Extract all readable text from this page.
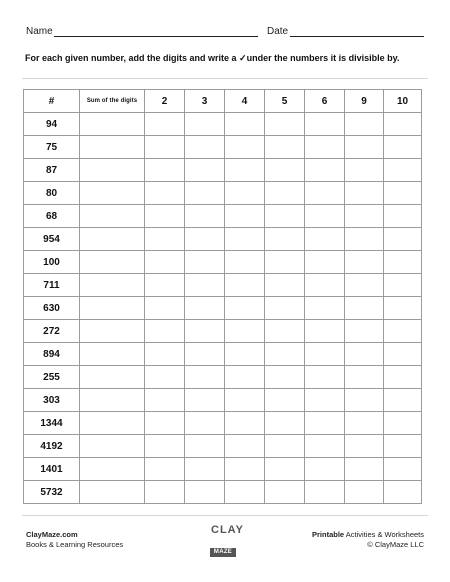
Name	Date
For each given number, add the digits and write a ✓under the numbers it is divisible by.
#	Sum of the digits	2	3	4	5	6	9	10
94								
75								
87								
80								
68								
954								
100								
711								
630								
272								
894								
255								
303								
1344								
4192								
1401								
5732								
ClayMaze.com
Books & Learning Resources
CLAY
MAZE
Printable Activities & Worksheets
© ClayMaze LLC
